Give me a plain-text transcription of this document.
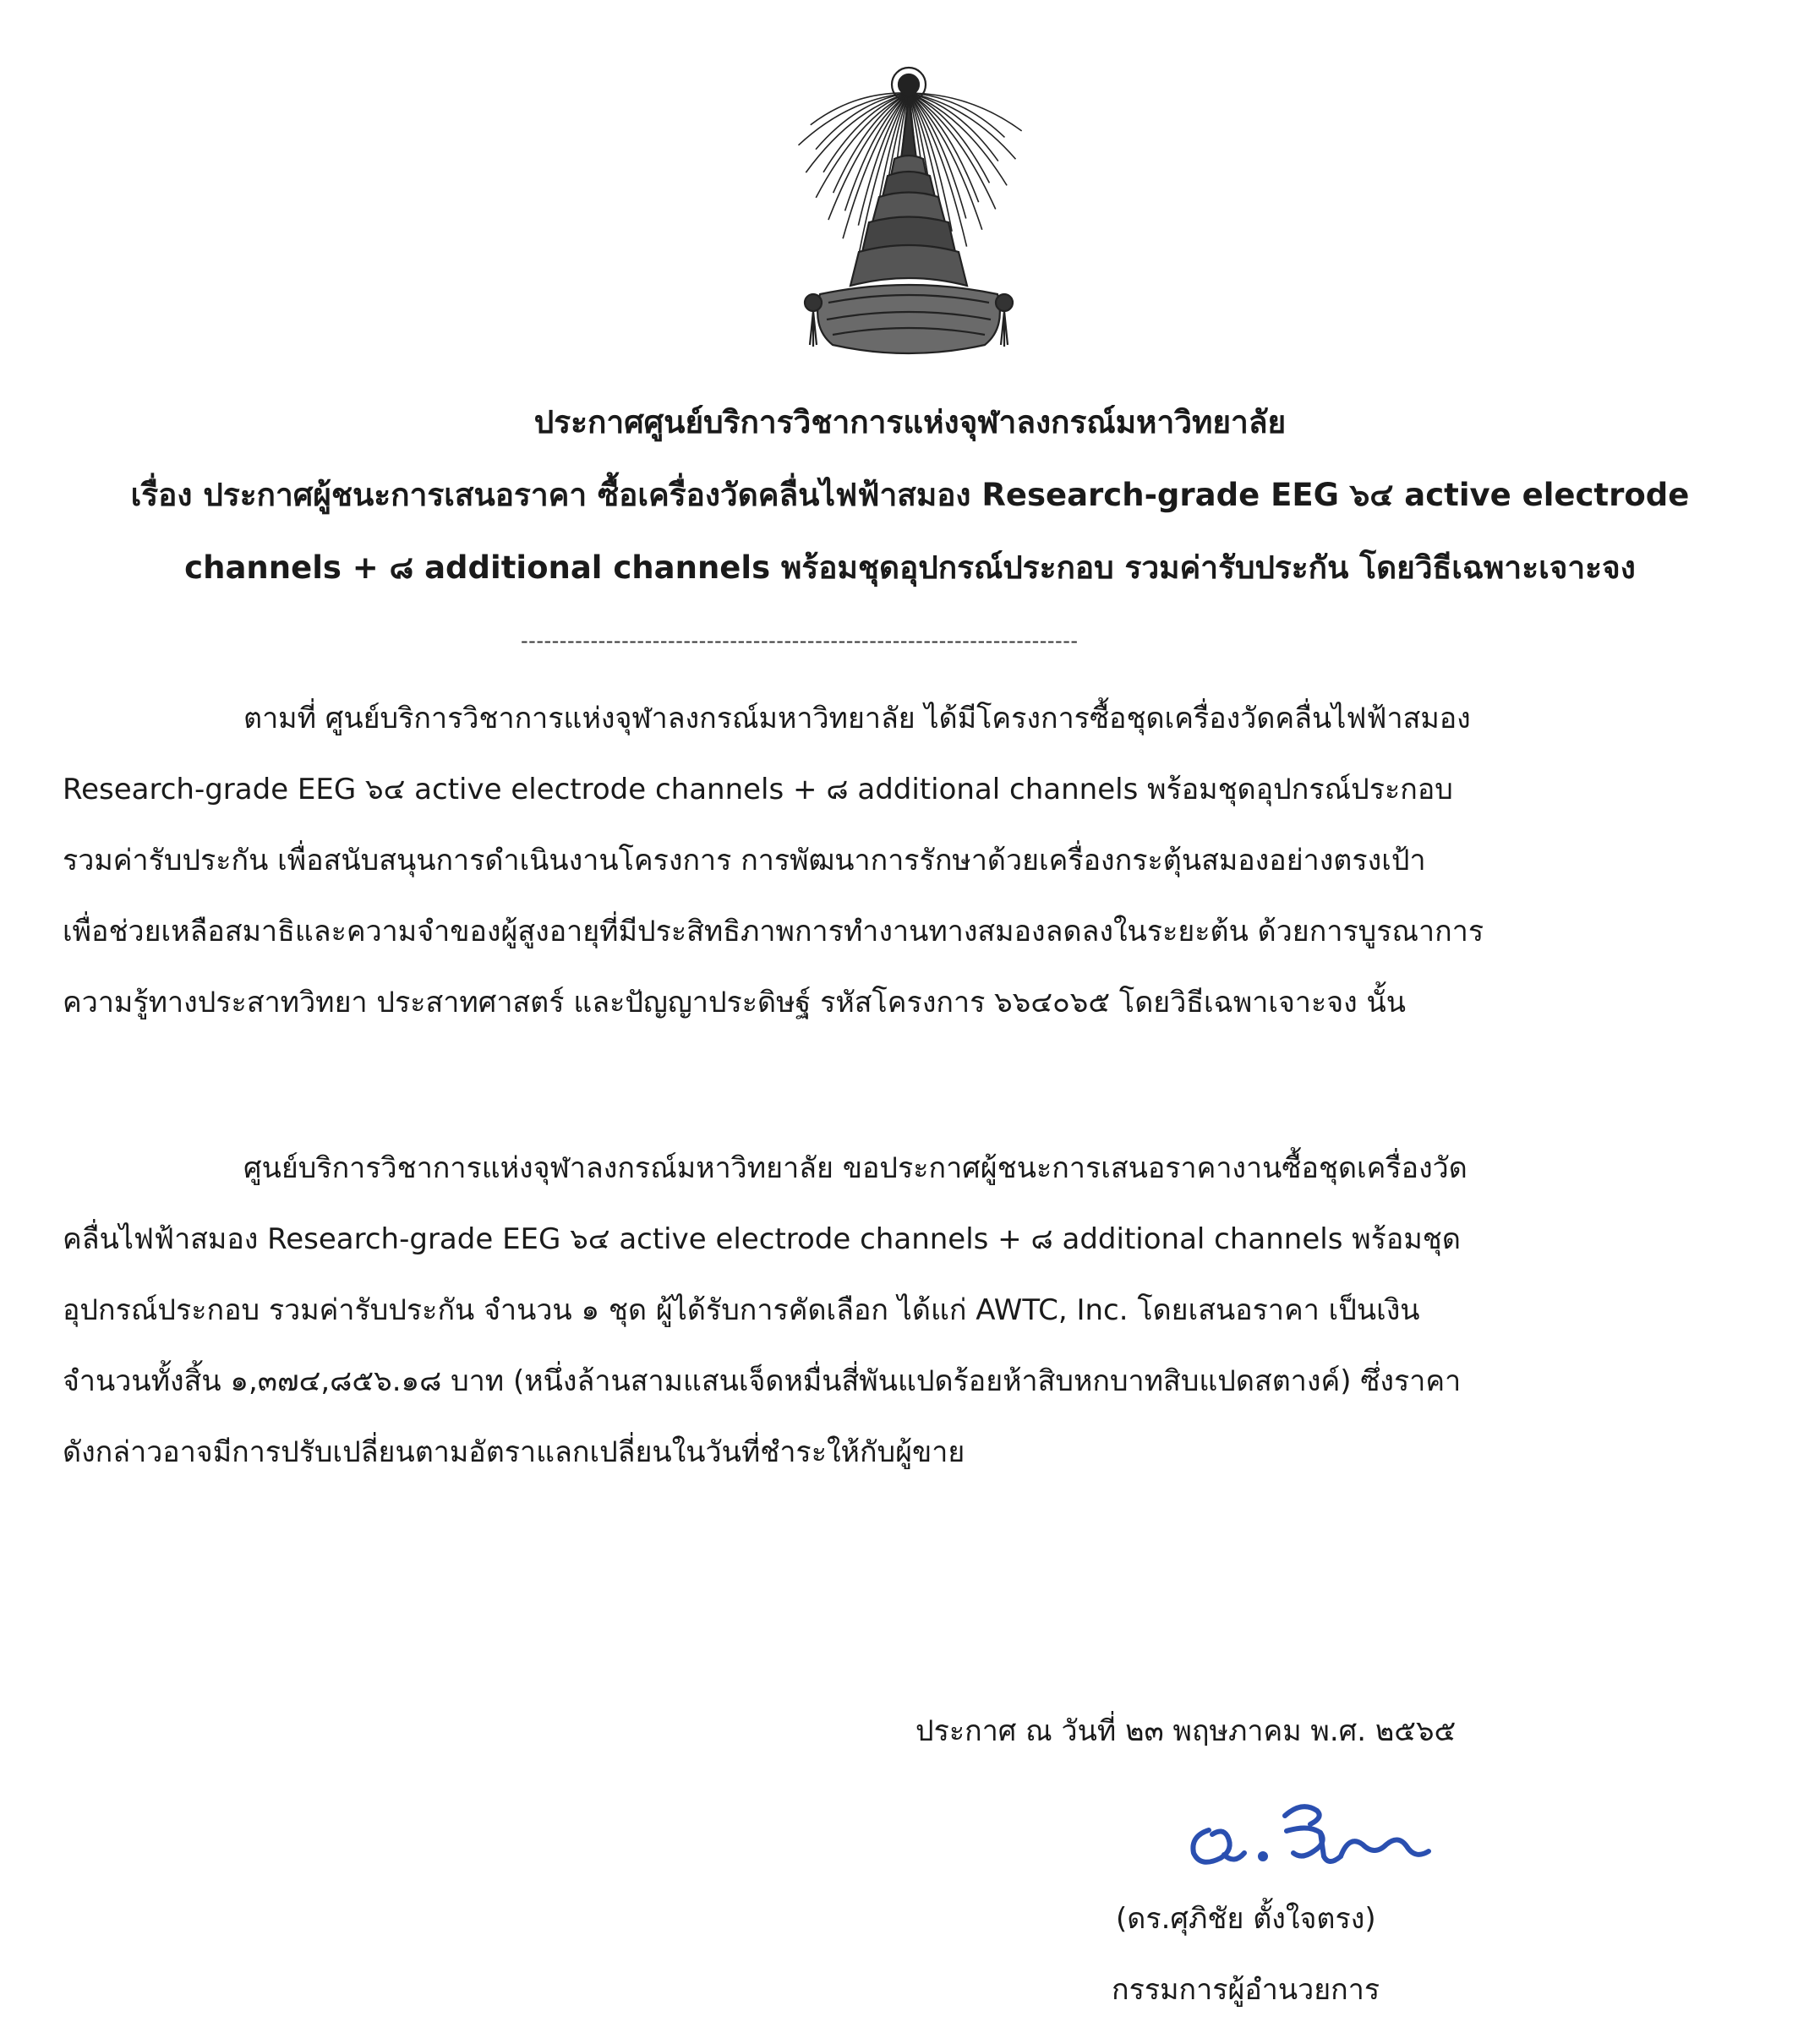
ประกาศศูนย์บริการวิชาการแห่งจุฬาลงกรณ์มหาวิทยาลัย
เรื่อง ประกาศผู้ชนะการเสนอราคา ซื้อเครื่องวัดคลื่นไฟฟ้าสมอง Research-grade EEG ๖๔ active electrode
channels + ๘ additional channels พร้อมชุดอุปกรณ์ประกอบ รวมค่ารับประกัน โดยวิธีเฉพาะเจาะจง
------------------------------------------------------------------------
ตามที่ ศูนย์บริการวิชาการแห่งจุฬาลงกรณ์มหาวิทยาลัย ได้มีโครงการซื้อชุดเครื่องวัดคลื่นไฟฟ้าสมอง
Research-grade EEG ๖๔ active electrode channels + ๘ additional channels พร้อมชุดอุปกรณ์ประกอบ
รวมค่ารับประกัน เพื่อสนับสนุนการดำเนินงานโครงการ การพัฒนาการรักษาด้วยเครื่องกระตุ้นสมองอย่างตรงเป้า
เพื่อช่วยเหลือสมาธิและความจำของผู้สูงอายุที่มีประสิทธิภาพการทำงานทางสมองลดลงในระยะต้น ด้วยการบูรณาการ
ความรู้ทางประสาทวิทยา ประสาทศาสตร์ และปัญญาประดิษฐ์ รหัสโครงการ ๖๖๔๐๖๕ โดยวิธีเฉพาเจาะจง นั้น
ศูนย์บริการวิชาการแห่งจุฬาลงกรณ์มหาวิทยาลัย ขอประกาศผู้ชนะการเสนอราคางานซื้อชุดเครื่องวัด
คลื่นไฟฟ้าสมอง Research-grade EEG ๖๔ active electrode channels + ๘ additional channels พร้อมชุด
อุปกรณ์ประกอบ รวมค่ารับประกัน จำนวน ๑ ชุด ผู้ได้รับการคัดเลือก ได้แก่ AWTC, Inc. โดยเสนอราคา เป็นเงิน
จำนวนทั้งสิ้น ๑,๓๗๔,๘๕๖.๑๘ บาท (หนึ่งล้านสามแสนเจ็ดหมื่นสี่พันแปดร้อยห้าสิบหกบาทสิบแปดสตางค์) ซึ่งราคา
ดังกล่าวอาจมีการปรับเปลี่ยนตามอัตราแลกเปลี่ยนในวันที่ชำระให้กับผู้ขาย
ประกาศ ณ วันที่ ๒๓ พฤษภาคม พ.ศ. ๒๕๖๕
(ดร.ศุภิชัย ตั้งใจตรง)
กรรมการผู้อำนวยการ
